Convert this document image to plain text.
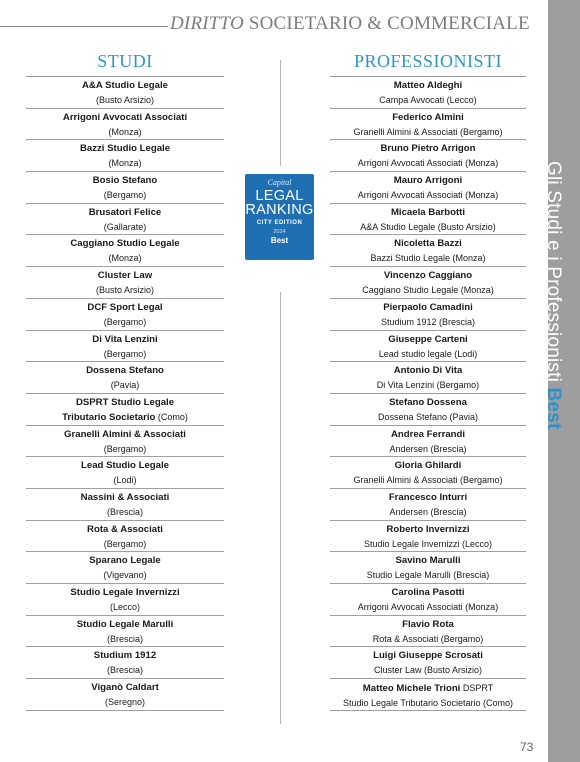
DIRITTO SOCIETARIO & COMMERCIALE
STUDI	PROFESSIONISTI
A&A Studio Legale
(Busto Arsizio)
Arrigoni Avvocati Associati
(Monza)
Bazzi Studio Legale
(Monza)
Bosio Stefano
(Bergamo)
Brusatori Felice
(Gallarate)
Caggiano Studio Legale
(Monza)
Cluster Law
(Busto Arsizio)
DCF Sport Legal
(Bergamo)
Di Vita Lenzini
(Bergamo)
Dossena Stefano
(Pavia)
DSPRT Studio Legale
Tributario Societario (Como)
Granelli Almini & Associati
(Bergamo)
Lead Studio Legale
(Lodi)
Nassini & Associati
(Brescia)
Rota & Associati
(Bergamo)
Sparano Legale
(Vigevano)
Studio Legale Invernizzi
(Lecco)
Studio Legale Marulli
(Brescia)
Studium 1912
(Brescia)
Viganò Caldart
(Seregno)
Matteo Aldeghi
Campa Avvocati (Lecco)
Federico Almini
Granelli Almini & Associati (Bergamo)
Bruno Pietro Arrigon
Arrigoni Avvocati Associati (Monza)
Mauro Arrigoni
Arrigoni Avvocati Associati (Monza)
Micaela Barbotti
A&A Studio Legale (Busto Arsizio)
Nicoletta Bazzi
Bazzi Studio Legale (Monza)
Vincenzo Caggiano
Caggiano Studio Legale (Monza)
Pierpaolo Camadini
Studium 1912 (Brescia)
Giuseppe Carteni
Lead studio legale (Lodi)
Antonio Di Vita
Di Vita Lenzini (Bergamo)
Stefano Dossena
Dossena Stefano (Pavia)
Andrea Ferrandi
Andersen (Brescia)
Gloria Ghilardi
Granelli Almini & Associati (Bergamo)
Francesco Inturri
Andersen (Brescia)
Roberto Invernizzi
Studio Legale Invernizzi (Lecco)
Savino Marulli
Studio Legale Marulli (Brescia)
Carolina Pasotti
Arrigoni Avvocati Associati (Monza)
Flavio Rota
Rota & Associati (Bergamo)
Luigi Giuseppe Scrosati
Cluster Law (Busto Arsizio)
Matteo Michele Trioni DSPRT
Studio Legale Tributario Societario (Como)
Capital
LEGAL
RANKING
CITY EDITION
2024
Best	Gli Studi e i Professionisti Best
73
